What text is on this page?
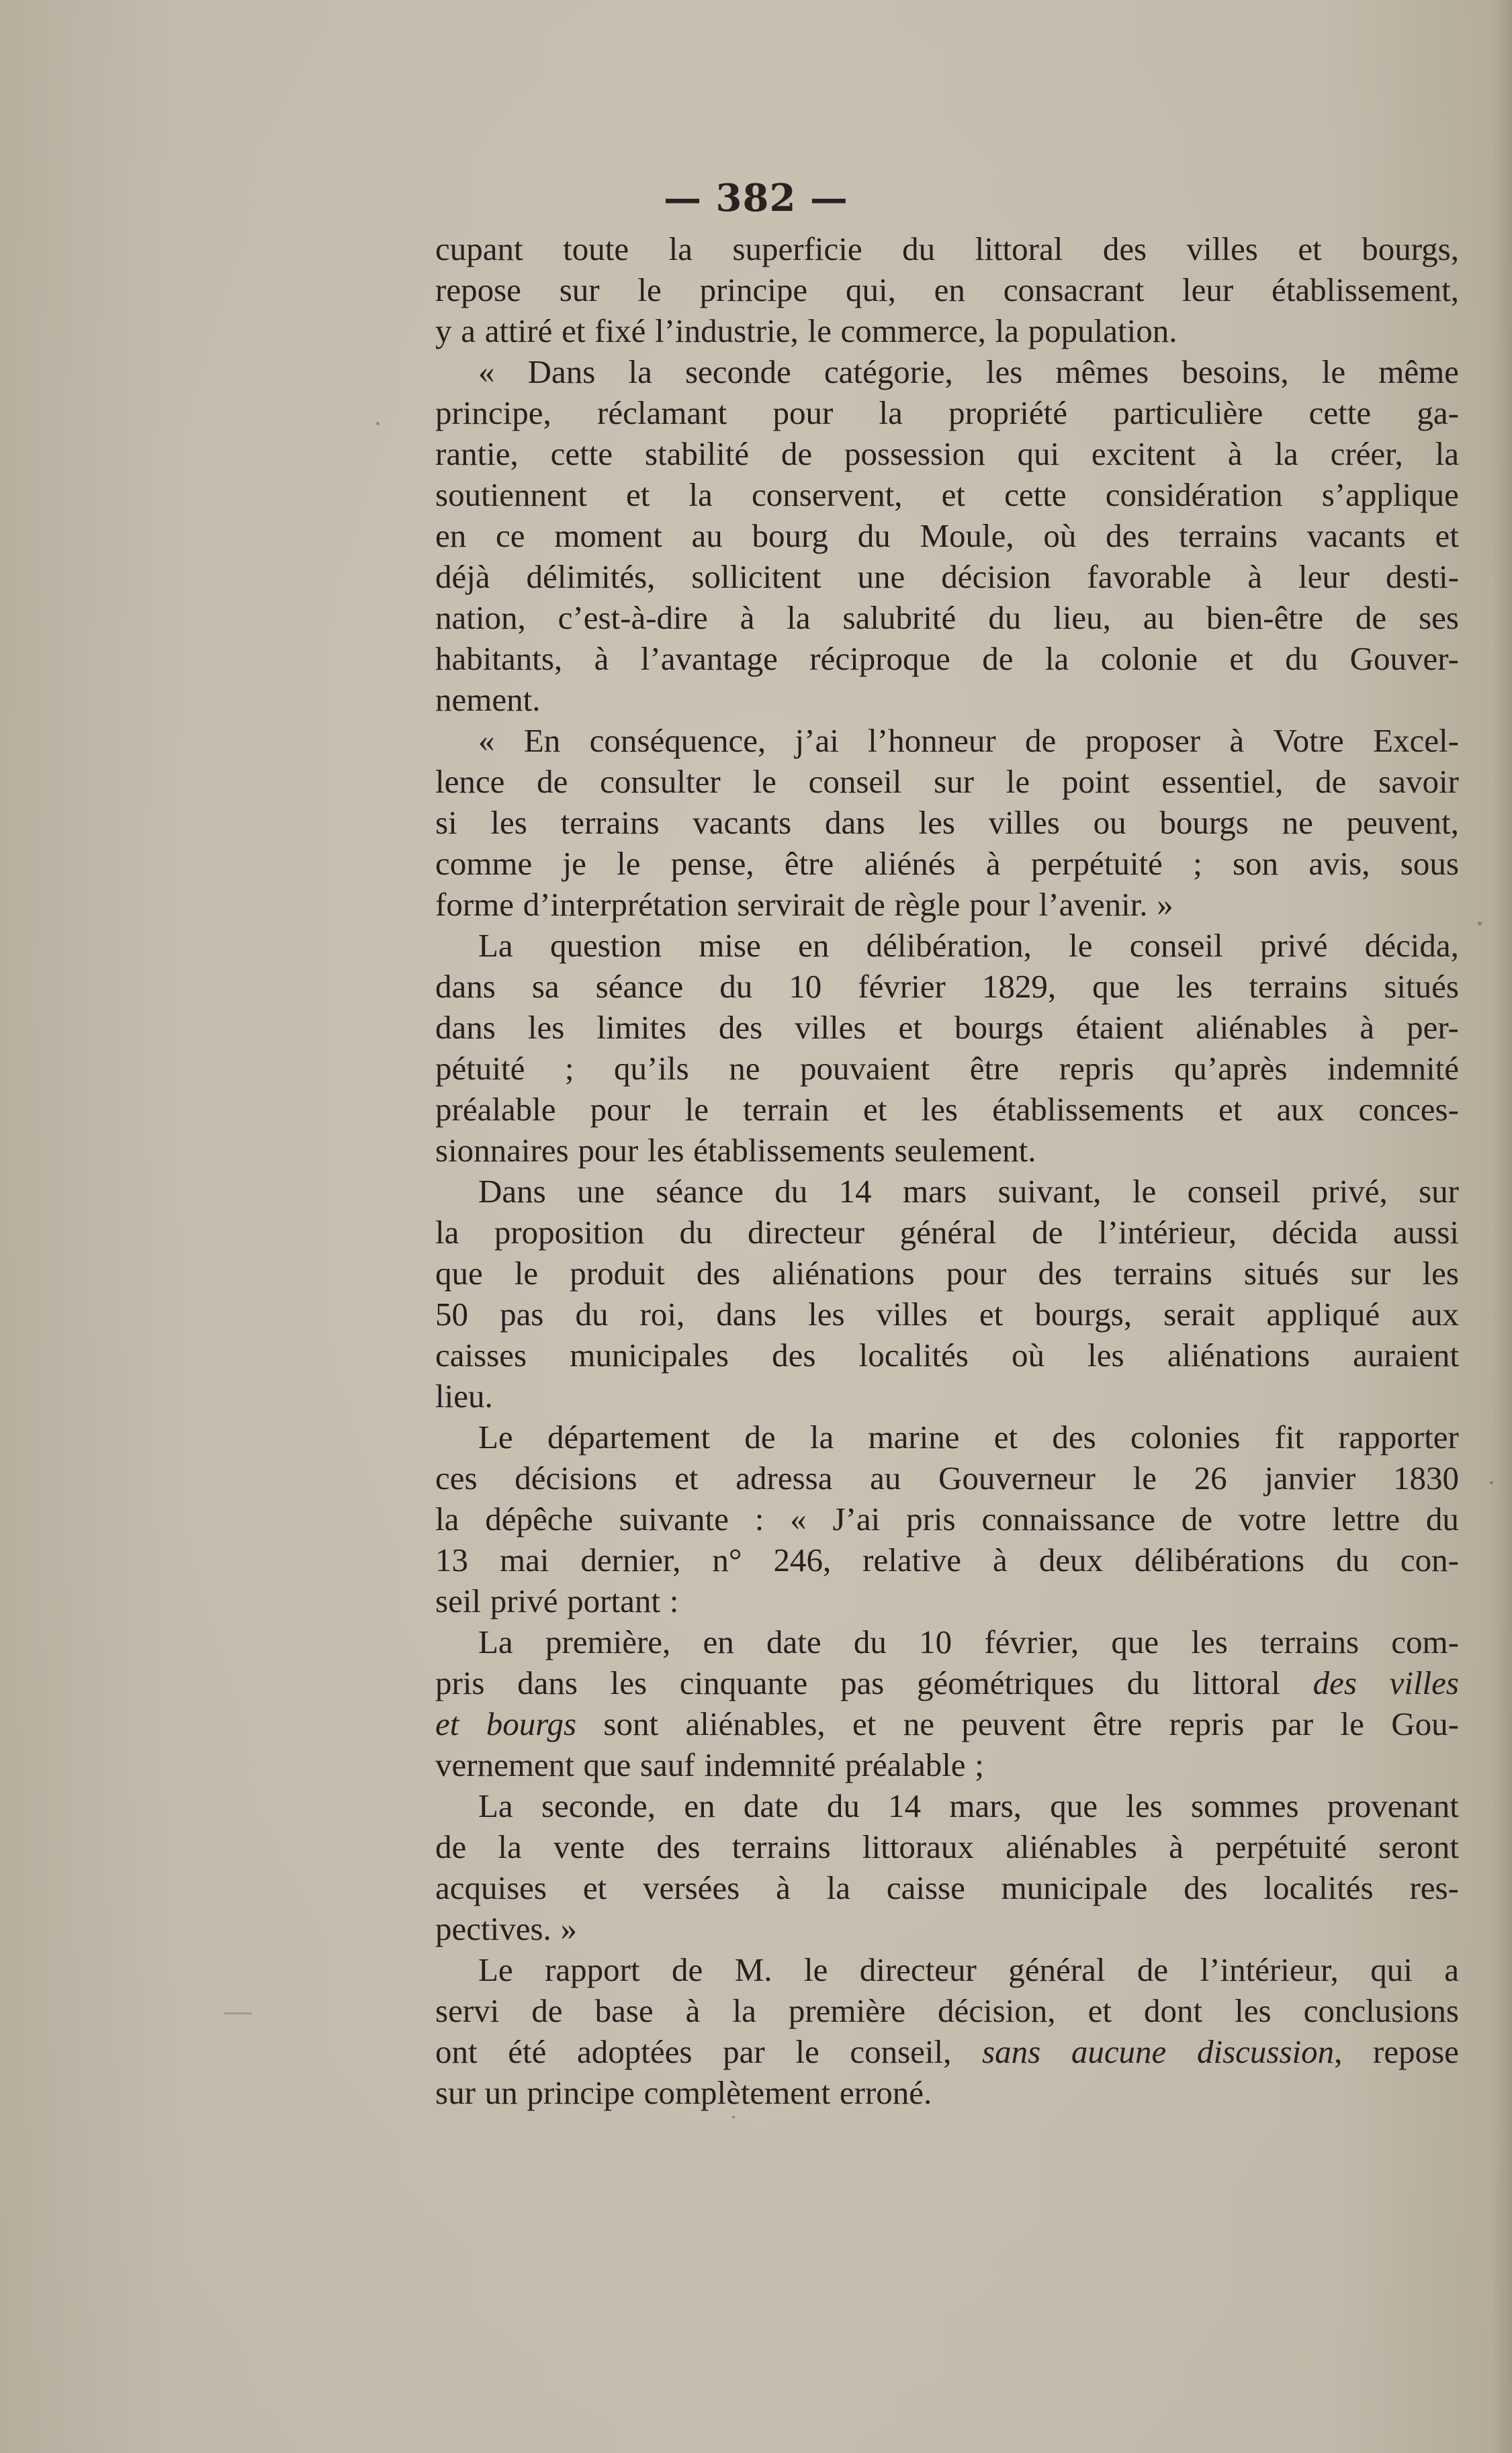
— 382 —
cupant toute la superficie du littoral des villes et bourgs,
repose sur le principe qui, en consacrant leur établissement,
y a attiré et fixé l’industrie, le commerce, la population.
« Dans la seconde catégorie, les mêmes besoins, le même
principe, réclamant pour la propriété particulière cette ga-
rantie, cette stabilité de possession qui excitent à la créer, la
soutiennent et la conservent, et cette considération s’applique
en ce moment au bourg du Moule, où des terrains vacants et
déjà délimités, sollicitent une décision favorable à leur desti-
nation, c’est-à-dire à la salubrité du lieu, au bien-être de ses
habitants, à l’avantage réciproque de la colonie et du Gouver-
nement.
« En conséquence, j’ai l’honneur de proposer à Votre Excel-
lence de consulter le conseil sur le point essentiel, de savoir
si les terrains vacants dans les villes ou bourgs ne peuvent,
comme je le pense, être aliénés à perpétuité ; son avis, sous
forme d’interprétation servirait de règle pour l’avenir. »
La question mise en délibération, le conseil privé décida,
dans sa séance du 10 février 1829, que les terrains situés
dans les limites des villes et bourgs étaient aliénables à per-
pétuité ; qu’ils ne pouvaient être repris qu’après indemnité
préalable pour le terrain et les établissements et aux conces-
sionnaires pour les établissements seulement.
Dans une séance du 14 mars suivant, le conseil privé, sur
la proposition du directeur général de l’intérieur, décida aussi
que le produit des aliénations pour des terrains situés sur les
50 pas du roi, dans les villes et bourgs, serait appliqué aux
caisses municipales des localités où les aliénations auraient
lieu.
Le département de la marine et des colonies fit rapporter
ces décisions et adressa au Gouverneur le 26 janvier 1830
la dépêche suivante : « J’ai pris connaissance de votre lettre du
13 mai dernier, n° 246, relative à deux délibérations du con-
seil privé portant :
La première, en date du 10 février, que les terrains com-
pris dans les cinquante pas géométriques du littoral des villes
et bourgs sont aliénables, et ne peuvent être repris par le Gou-
vernement que sauf indemnité préalable ;
La seconde, en date du 14 mars, que les sommes provenant
de la vente des terrains littoraux aliénables à perpétuité seront
acquises et versées à la caisse municipale des localités res-
pectives. »
Le rapport de M. le directeur général de l’intérieur, qui a
servi de base à la première décision, et dont les conclusions
ont été adoptées par le conseil, sans aucune discussion, repose
sur un principe complètement erroné.
